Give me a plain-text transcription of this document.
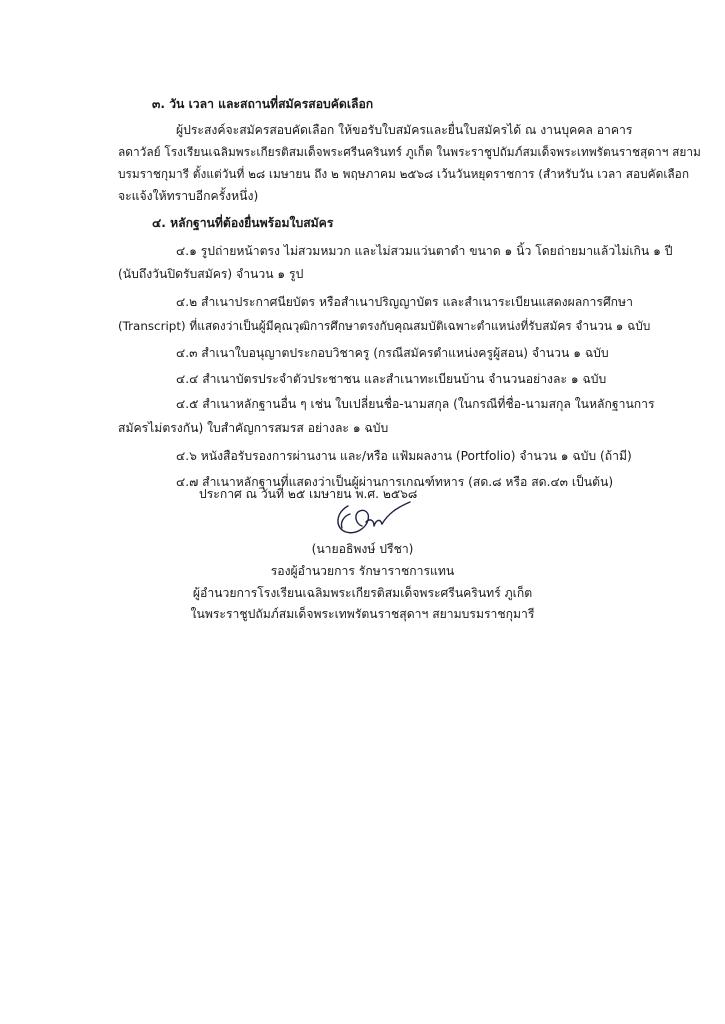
๓. วัน เวลา และสถานที่สมัครสอบคัดเลือก
ผู้ประสงค์จะสมัครสอบคัดเลือก ให้ขอรับใบสมัครและยื่นใบสมัครได้ ณ งานบุคคล อาคาร
ลดาวัลย์ โรงเรียนเฉลิมพระเกียรติสมเด็จพระศรีนครินทร์ ภูเก็ต ในพระราชูปถัมภ์สมเด็จพระเทพรัตนราชสุดาฯ สยาม
บรมราชกุมารี ตั้งแต่วันที่ ๒๘ เมษายน ถึง ๒ พฤษภาคม ๒๕๖๘ เว้นวันหยุดราชการ (สำหรับวัน เวลา สอบคัดเลือก
จะแจ้งให้ทราบอีกครั้งหนึ่ง)
๔. หลักฐานที่ต้องยื่นพร้อมใบสมัคร
๔.๑ รูปถ่ายหน้าตรง ไม่สวมหมวก และไม่สวมแว่นตาดำ ขนาด ๑ นิ้ว โดยถ่ายมาแล้วไม่เกิน ๑ ปี
(นับถึงวันปิดรับสมัคร) จำนวน ๑ รูป
๔.๒ สำเนาประกาศนียบัตร หรือสำเนาปริญญาบัตร และสำเนาระเบียนแสดงผลการศึกษา
(Transcript) ที่แสดงว่าเป็นผู้มีคุณวุฒิการศึกษาตรงกับคุณสมบัติเฉพาะตำแหน่งที่รับสมัคร จำนวน ๑ ฉบับ
๔.๓ สำเนาใบอนุญาตประกอบวิชาครู (กรณีสมัครตำแหน่งครูผู้สอน) จำนวน ๑ ฉบับ
๔.๔ สำเนาบัตรประจำตัวประชาชน และสำเนาทะเบียนบ้าน จำนวนอย่างละ ๑ ฉบับ
๔.๕ สำเนาหลักฐานอื่น ๆ เช่น ใบเปลี่ยนชื่อ-นามสกุล (ในกรณีที่ชื่อ-นามสกุล ในหลักฐานการ
สมัครไม่ตรงกัน) ใบสำคัญการสมรส อย่างละ ๑ ฉบับ
๔.๖ หนังสือรับรองการผ่านงาน และ/หรือ แฟ้มผลงาน (Portfolio) จำนวน ๑ ฉบับ (ถ้ามี)
๔.๗ สำเนาหลักฐานที่แสดงว่าเป็นผู้ผ่านการเกณฑ์ทหาร (สด.๘ หรือ สด.๔๓ เป็นต้น)
ประกาศ ณ วันที่ ๒๕ เมษายน พ.ศ. ๒๕๖๘
(นายอธิพงษ์ ปรีชา)
รองผู้อำนวยการ รักษาราชการแทน
ผู้อำนวยการโรงเรียนเฉลิมพระเกียรติสมเด็จพระศรีนครินทร์ ภูเก็ต
ในพระราชูปถัมภ์สมเด็จพระเทพรัตนราชสุดาฯ สยามบรมราชกุมารี
